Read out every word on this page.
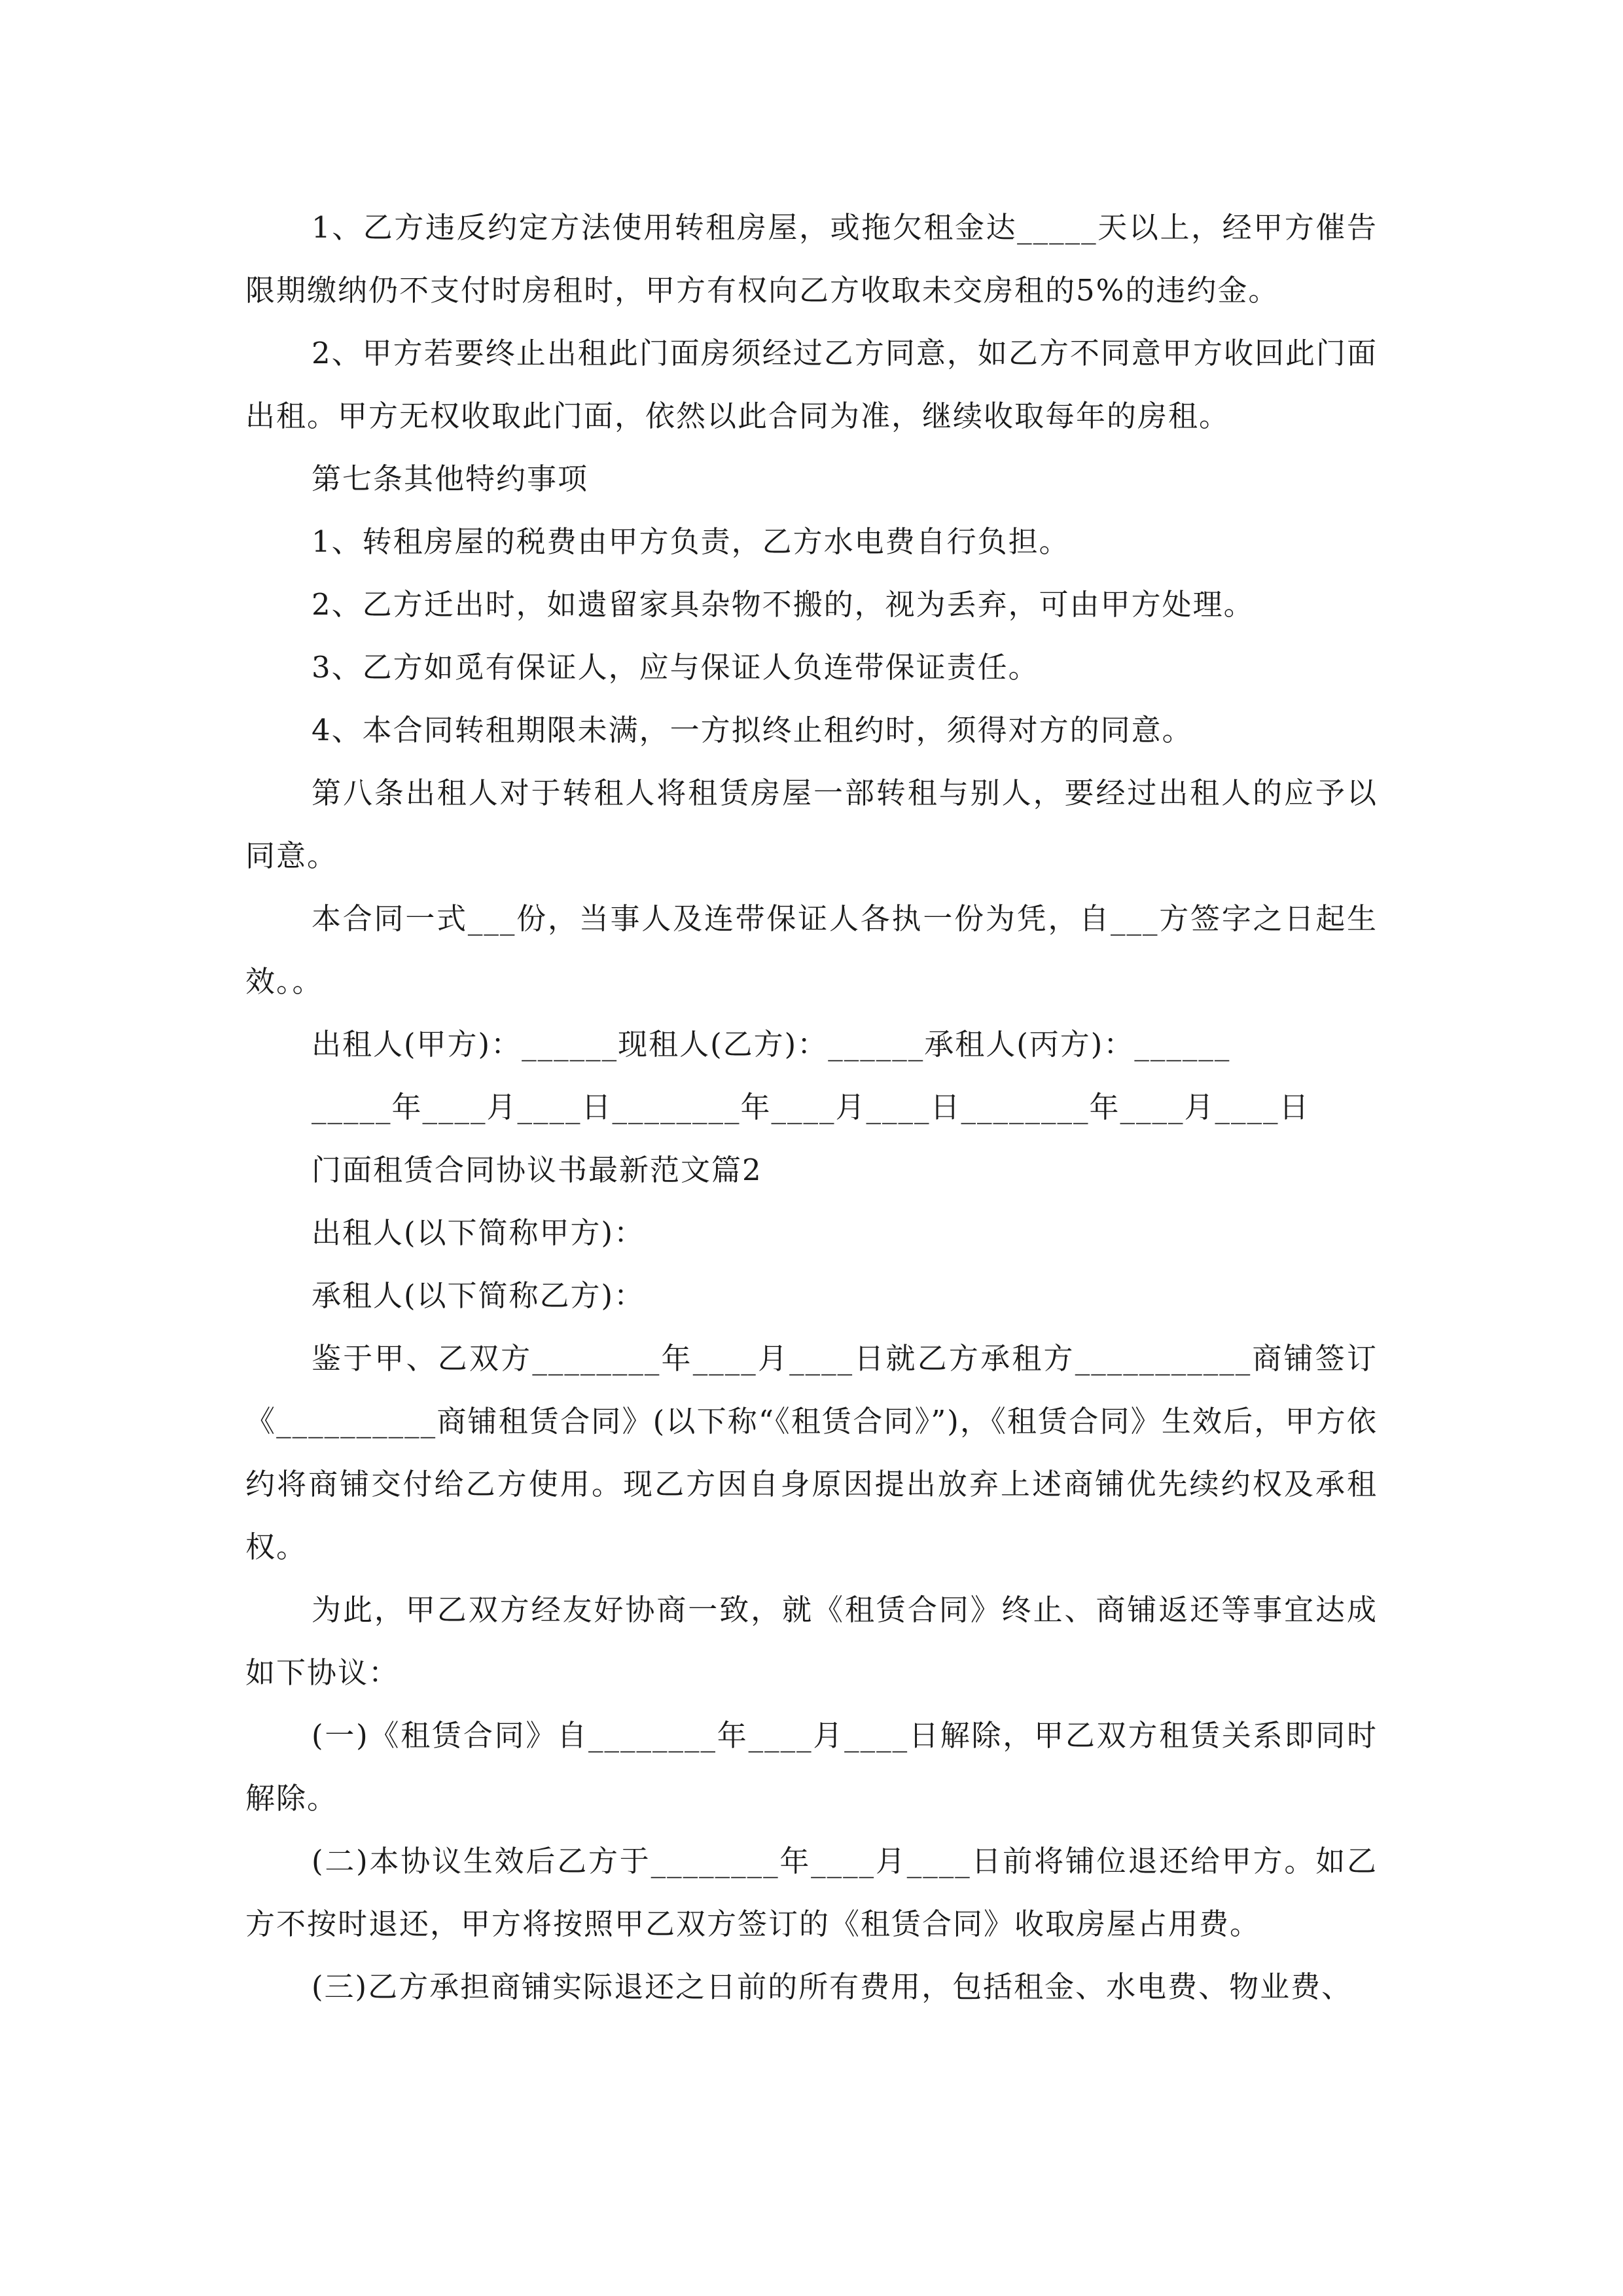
1、乙方违反约定方法使用转租房屋，或拖欠租金达_____天以上，经甲方催告限期缴纳仍不支付时房租时，甲方有权向乙方收取未交房租的5%的违约金。

2、甲方若要终止出租此门面房须经过乙方同意，如乙方不同意甲方收回此门面出租。甲方无权收取此门面，依然以此合同为准，继续收取每年的房租。

第七条其他特约事项

1、转租房屋的税费由甲方负责，乙方水电费自行负担。

2、乙方迁出时，如遗留家具杂物不搬的，视为丢弃，可由甲方处理。

3、乙方如觅有保证人，应与保证人负连带保证责任。

4、本合同转租期限未满，一方拟终止租约时，须得对方的同意。

第八条出租人对于转租人将租赁房屋一部转租与别人，要经过出租人的应予以同意。

本合同一式___份，当事人及连带保证人各执一份为凭，自___方签字之日起生效。。

出租人(甲方)：______现租人(乙方)：______承租人(丙方)：______

_____年____月____日________年____月____日________年____月____日

门面租赁合同协议书最新范文篇2

出租人(以下简称甲方)：

承租人(以下简称乙方)：

鉴于甲、乙双方________年____月____日就乙方承租方___________商铺签订《__________商铺租赁合同》(以下称“《租赁合同》”)，《租赁合同》生效后，甲方依约将商铺交付给乙方使用。现乙方因自身原因提出放弃上述商铺优先续约权及承租权。

为此，甲乙双方经友好协商一致，就《租赁合同》终止、商铺返还等事宜达成如下协议：

(一)《租赁合同》自________年____月____日解除，甲乙双方租赁关系即同时解除。

(二)本协议生效后乙方于________年____月____日前将铺位退还给甲方。如乙方不按时退还，甲方将按照甲乙双方签订的《租赁合同》收取房屋占用费。

(三)乙方承担商铺实际退还之日前的所有费用，包括租金、水电费、物业费、
